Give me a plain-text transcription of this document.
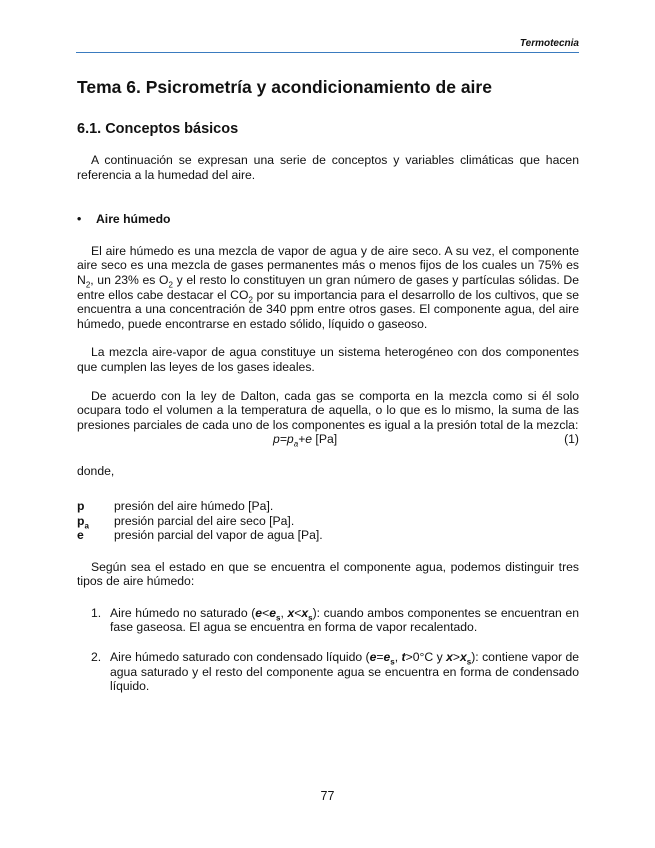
Termotecnia
Tema 6. Psicrometría y acondicionamiento de aire
6.1. Conceptos básicos

A continuación se expresan una serie de conceptos y variables climáticas que hacen referencia a la humedad del aire.

• Aire húmedo

El aire húmedo es una mezcla de vapor de agua y de aire seco. A su vez, el componente aire seco es una mezcla de gases permanentes más o menos fijos de los cuales un 75% es $N_2$, un 23% es $O_2$ y el resto lo constituyen un gran número de gases y partículas sólidas. De entre ellos cabe destacar el $CO_2$ por su importancia para el desarrollo de los cultivos, que se encuentra a una concentración de 340 ppm entre otros gases. El componente agua, del aire húmedo, puede encontrarse en estado sólido, líquido o gaseoso.

La mezcla aire-vapor de agua constituye un sistema heterogéneo con dos componentes que cumplen las leyes de los gases ideales.

De acuerdo con la ley de Dalton, cada gas se comporta en la mezcla como si él solo ocupara todo el volumen a la temperatura de aquella, o lo que es lo mismo, la suma de las presiones parciales de cada uno de los componentes es igual a la presión total de la mezcla:

$p=p_a+e$ [Pa]	(1)

donde,

p	presión del aire húmedo [Pa].
$p_a$	presión parcial del aire seco [Pa].
e	presión parcial del vapor de agua [Pa].

Según sea el estado en que se encuentra el componente agua, podemos distinguir tres tipos de aire húmedo:

1. Aire húmedo no saturado ($e<e_s$, $x<x_s$): cuando ambos componentes se encuentran en fase gaseosa. El agua se encuentra en forma de vapor recalentado.
2. Aire húmedo saturado con condensado líquido ($e=e_s$, t>0°C y $x>x_s$): contiene vapor de agua saturado y el resto del componente agua se encuentra en forma de condensado líquido.
77
